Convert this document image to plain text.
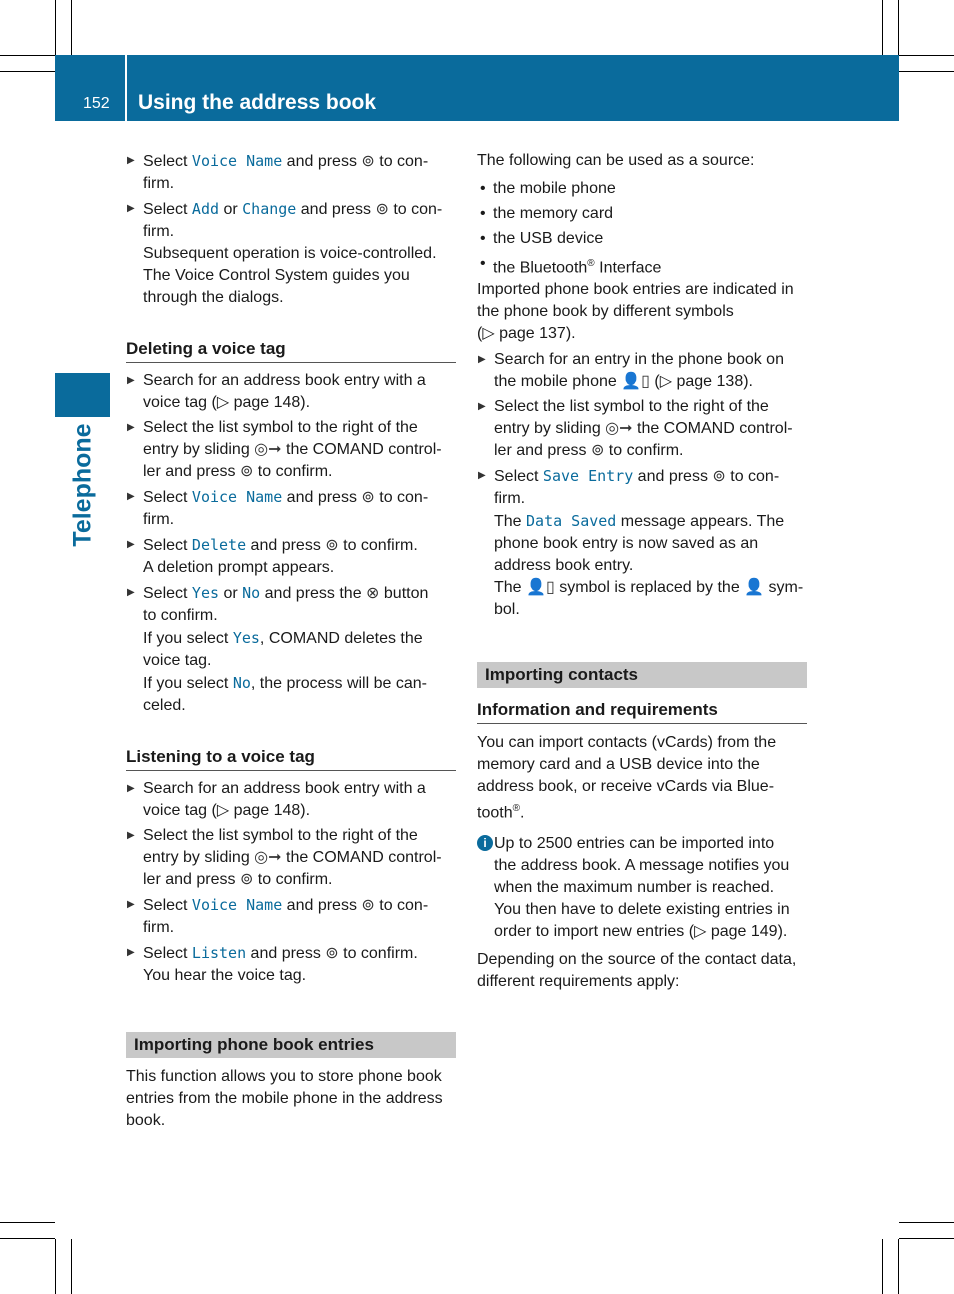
152 Using the address book
Telephone
▶ Select Voice Name and press ⊚ to con-
firm.
▶ Select Add or Change and press ⊚ to con-
firm.
Subsequent operation is voice-controlled.
The Voice Control System guides you
through the dialogs.
Deleting a voice tag
▶ Search for an address book entry with a
voice tag (▷ page 148).
▶ Select the list symbol to the right of the
entry by sliding ◎➞ the COMAND control-
ler and press ⊚ to confirm.
▶ Select Voice Name and press ⊚ to con-
firm.
▶ Select Delete and press ⊚ to confirm.
A deletion prompt appears.
▶ Select Yes or No and press the ⊗ button
to confirm.
If you select Yes, COMAND deletes the
voice tag.
If you select No, the process will be can-
celed.
Listening to a voice tag
▶ Search for an address book entry with a
voice tag (▷ page 148).
▶ Select the list symbol to the right of the
entry by sliding ◎➞ the COMAND control-
ler and press ⊚ to confirm.
▶ Select Voice Name and press ⊚ to con-
firm.
▶ Select Listen and press ⊚ to confirm.
You hear the voice tag.
Importing phone book entries

This function allows you to store phone book
entries from the mobile phone in the address
book.

The following can be used as a source:

• the mobile phone
• the memory card
• the USB device
• the Bluetooth® Interface

Imported phone book entries are indicated in
the phone book by different symbols
(▷ page 137).

▶ Search for an entry in the phone book on
the mobile phone 👤▯ (▷ page 138).
▶ Select the list symbol to the right of the
entry by sliding ◎➞ the COMAND control-
ler and press ⊚ to confirm.
▶ Select Save Entry and press ⊚ to con-
firm.
The Data Saved message appears. The
phone book entry is now saved as an
address book entry.
The 👤▯ symbol is replaced by the 👤 sym-
bol.
Importing contacts
Information and requirements

You can import contacts (vCards) from the
memory card and a USB device into the
address book, or receive vCards via Blue-
tooth®.

i Up to 2500 entries can be imported into
the address book. A message notifies you
when the maximum number is reached.
You then have to delete existing entries in
order to import new entries (▷ page 149).

Depending on the source of the contact data,
different requirements apply:
